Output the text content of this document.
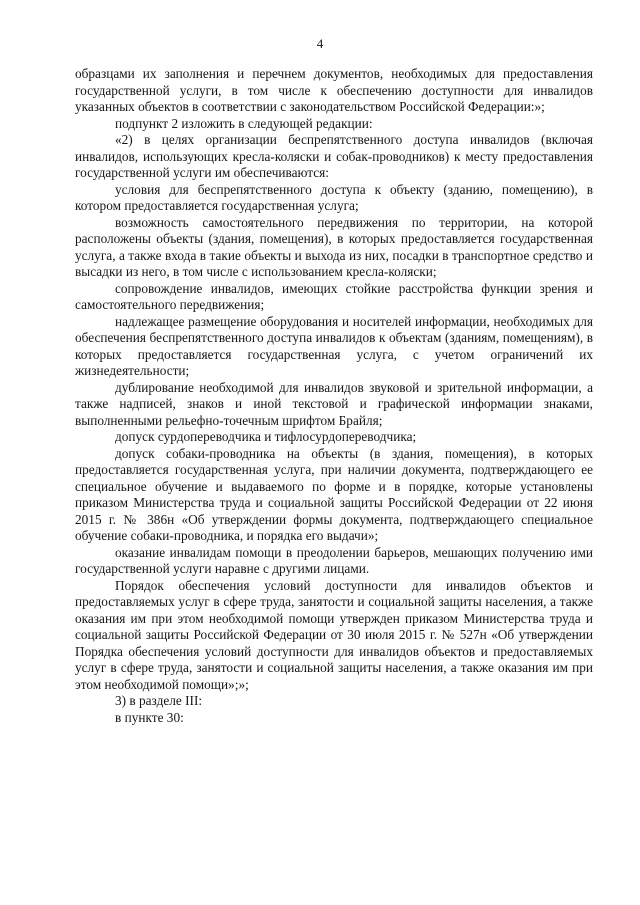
4

образцами их заполнения и перечнем документов, необходимых для предоставления государственной услуги, в том числе к обеспечению доступности для инвалидов указанных объектов в соответствии с законодательством Российской Федерации:»;

подпункт 2 изложить в следующей редакции:

«2) в целях организации беспрепятственного доступа инвалидов (включая инвалидов, использующих кресла-коляски и собак-проводников) к месту предоставления государственной услуги им обеспечиваются:

условия для беспрепятственного доступа к объекту (зданию, помещению), в котором предоставляется государственная услуга;

возможность самостоятельного передвижения по территории, на которой расположены объекты (здания, помещения), в которых предоставляется государственная услуга, а также входа в такие объекты и выхода из них, посадки в транспортное средство и высадки из него, в том числе с использованием кресла-коляски;

сопровождение инвалидов, имеющих стойкие расстройства функции зрения и самостоятельного передвижения;

надлежащее размещение оборудования и носителей информации, необходимых для обеспечения беспрепятственного доступа инвалидов к объектам (зданиям, помещениям), в которых предоставляется государственная услуга, с учетом ограничений их жизнедеятельности;

дублирование необходимой для инвалидов звуковой и зрительной информации, а также надписей, знаков и иной текстовой и графической информации знаками, выполненными рельефно-точечным шрифтом Брайля;

допуск сурдопереводчика и тифлосурдопереводчика;

допуск собаки-проводника на объекты (в здания, помещения), в которых предоставляется государственная услуга, при наличии документа, подтверждающего ее специальное обучение и выдаваемого по форме и в порядке, которые установлены приказом Министерства труда и социальной защиты Российской Федерации от 22 июня 2015 г. № 386н «Об утверждении формы документа, подтверждающего специальное обучение собаки-проводника, и порядка его выдачи»;

оказание инвалидам помощи в преодолении барьеров, мешающих получению ими государственной услуги наравне с другими лицами.

Порядок обеспечения условий доступности для инвалидов объектов и предоставляемых услуг в сфере труда, занятости и социальной защиты населения, а также оказания им при этом необходимой помощи утвержден приказом Министерства труда и социальной защиты Российской Федерации от 30 июля 2015 г. № 527н «Об утверждении Порядка обеспечения условий доступности для инвалидов объектов и предоставляемых услуг в сфере труда, занятости и социальной защиты населения, а также оказания им при этом необходимой помощи»;»;

3) в разделе III:

в пункте 30:
